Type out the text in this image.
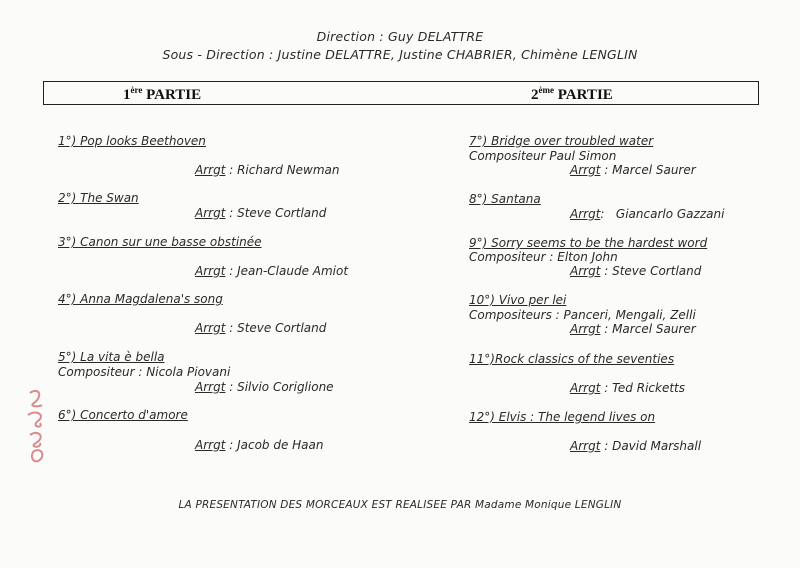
Direction : Guy DELATTRE
Sous - Direction : Justine DELATTRE, Justine CHABRIER, Chimène LENGLIN
1ère PARTIE	2ème PARTIE
1°) Pop looks Beethoven
Arrgt : Richard Newman
2°) The Swan
Arrgt : Steve Cortland
3°) Canon sur une basse obstinée
Arrgt : Jean-Claude Amiot
4°) Anna Magdalena's song
Arrgt : Steve Cortland
5°) La vita è bella
Compositeur : Nicola Piovani
Arrgt : Silvio Coriglione
6°) Concerto d'amore
Arrgt : Jacob de Haan
7°) Bridge over troubled water
Compositeur Paul Simon
Arrgt : Marcel Saurer
8°) Santana
Arrgt:   Giancarlo Gazzani
9°) Sorry seems to be the hardest word
Compositeur : Elton John
Arrgt : Steve Cortland
10°) Vivo per lei
Compositeurs : Panceri, Mengali, Zelli
Arrgt : Marcel Saurer
11°)Rock classics of the seventies
Arrgt : Ted Ricketts
12°) Elvis : The legend lives on
Arrgt : David Marshall
LA PRESENTATION DES MORCEAUX EST REALISEE PAR Madame Monique LENGLIN
